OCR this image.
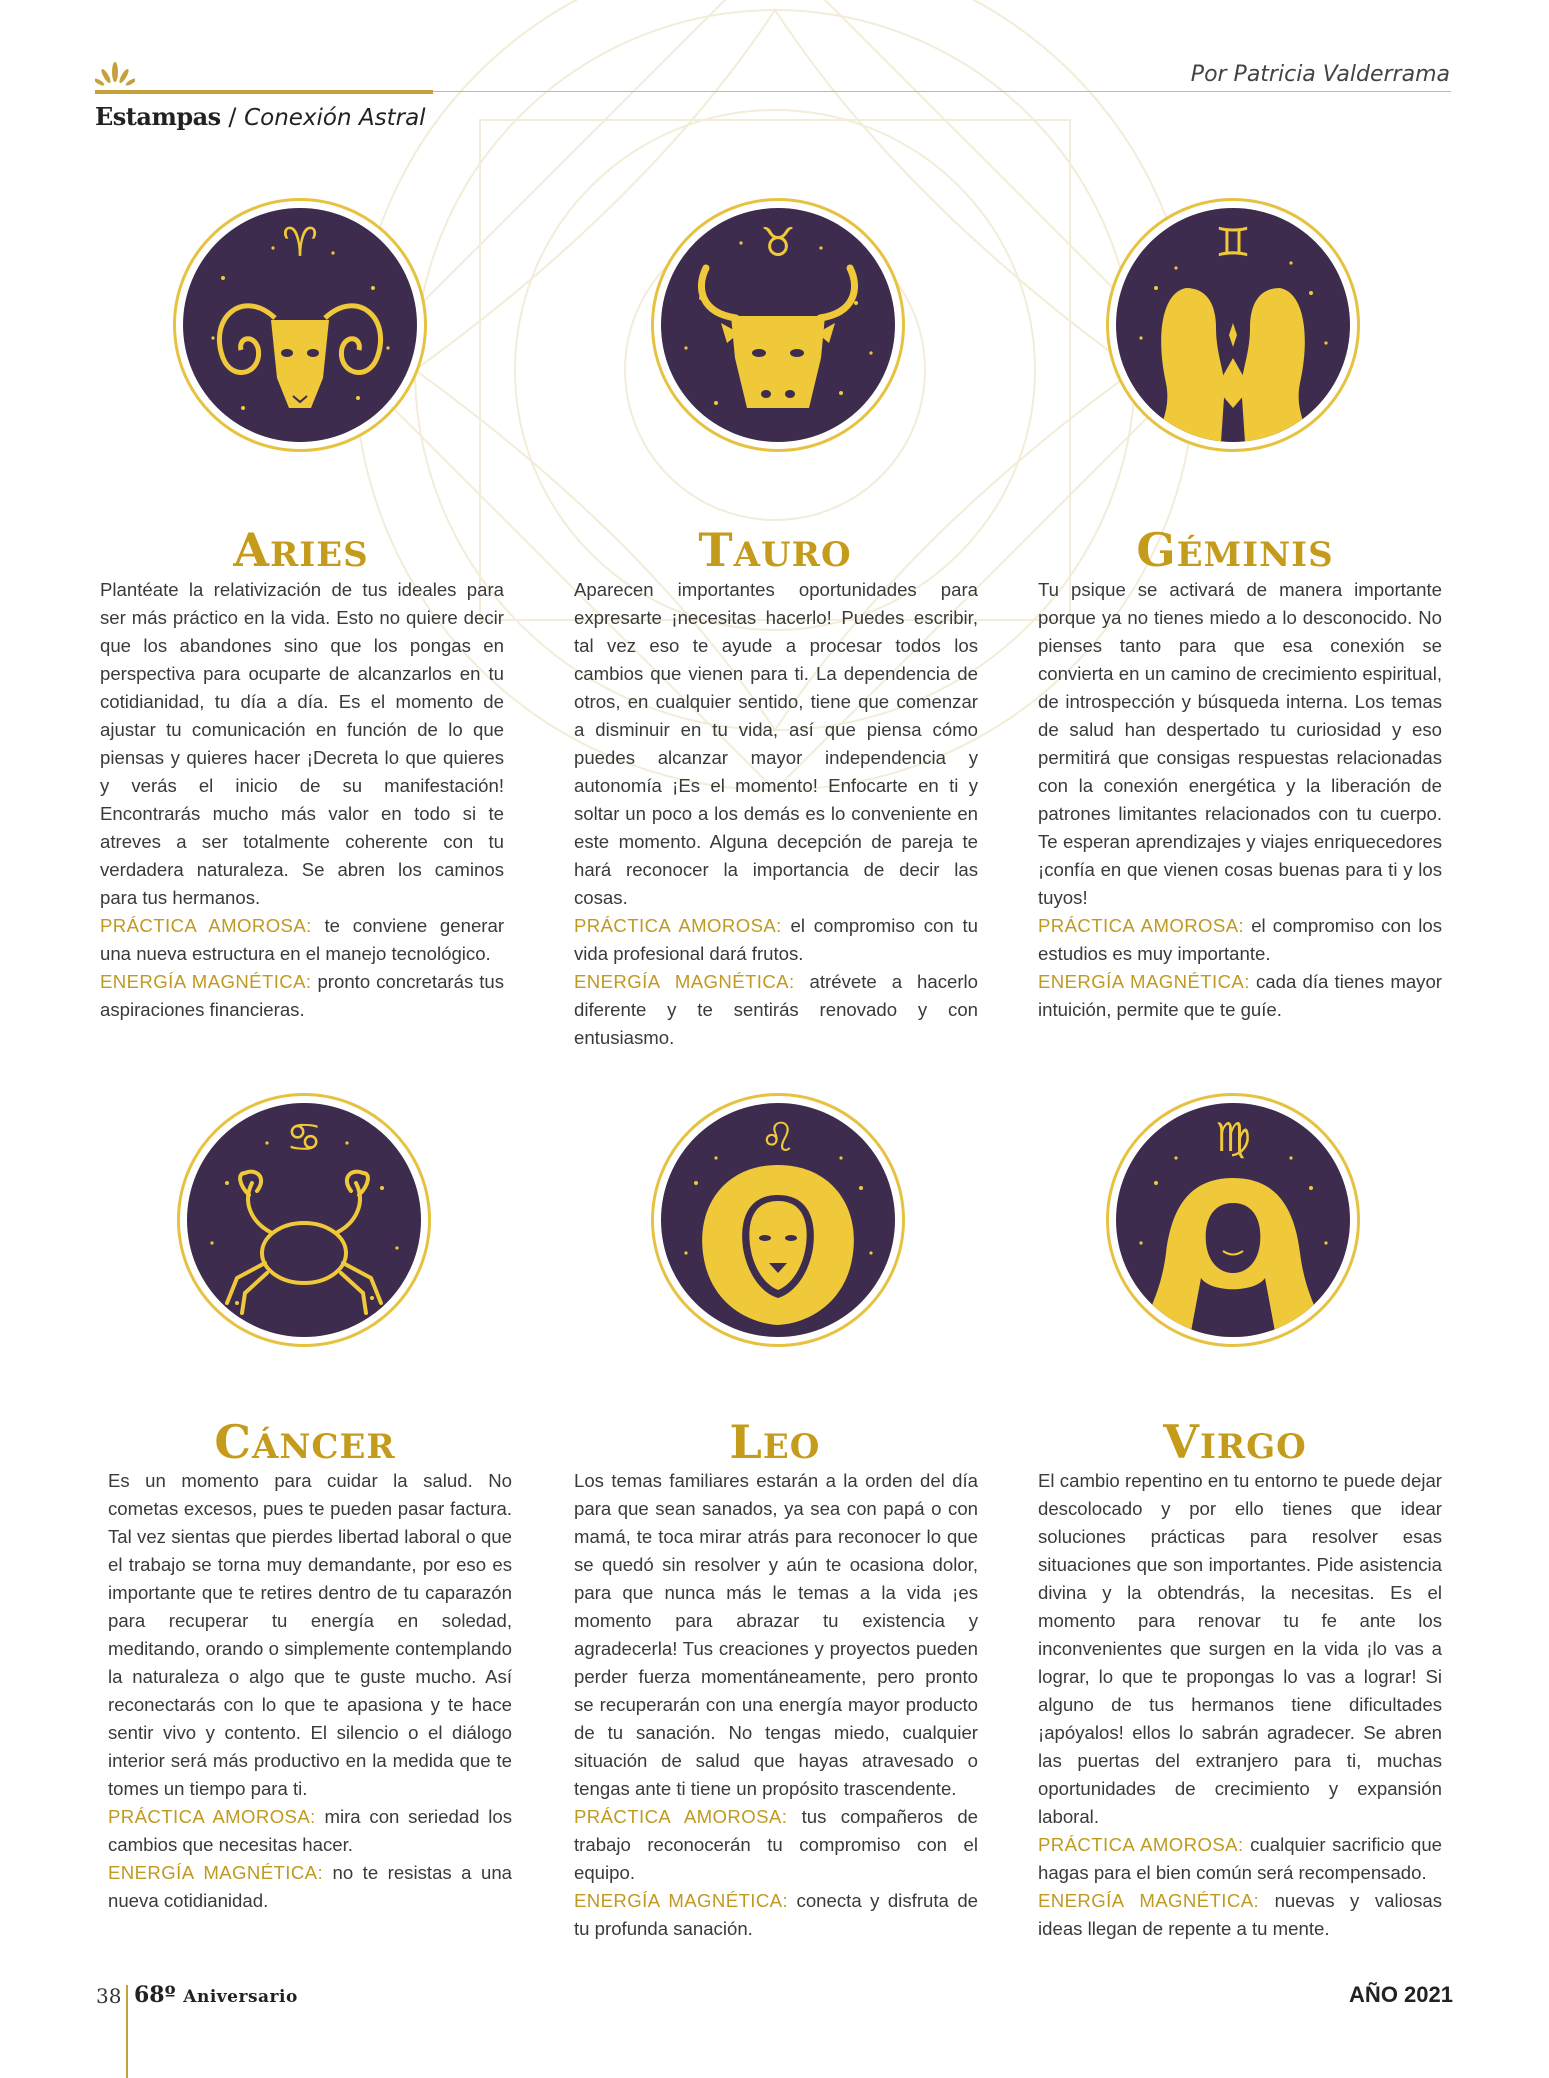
Por Patricia Valderrama
Estampas / Conexión Astral
♈
ARIES

Plantéate la relativización de tus ideales para ser más práctico en la vida. Esto no quiere decir que los abandones sino que los pongas en perspectiva para ocuparte de alcanzarlos en tu cotidianidad, tu día a día. Es el momento de ajustar tu comunicación en función de lo que piensas y quieres hacer ¡Decreta lo que quieres y verás el inicio de su manifestación! Encontrarás mucho más valor en todo si te atreves a ser totalmente coherente con tu verdadera naturaleza. Se abren los caminos para tus hermanos.

PRÁCTICA AMOROSA: te conviene generar una nueva estructura en el manejo tecnológico.

ENERGÍA MAGNÉTICA: pronto concretarás tus aspiraciones financieras.

♉
TAURO

Aparecen importantes oportunidades para expresarte ¡necesitas hacerlo! Puedes escribir, tal vez eso te ayude a procesar todos los cambios que vienen para ti. La dependencia de otros, en cualquier sentido, tiene que comenzar a disminuir en tu vida, así que piensa cómo puedes alcanzar mayor independencia y autonomía ¡Es el momento! Enfocarte en ti y soltar un poco a los demás es lo conveniente en este momento. Alguna decepción de pareja te hará reconocer la importancia de decir las cosas.

PRÁCTICA AMOROSA: el compromiso con tu vida profesional dará frutos.

ENERGÍA MAGNÉTICA: atrévete a hacerlo diferente y te sentirás renovado y con entusiasmo.

♊
GÉMINIS

Tu psique se activará de manera importante porque ya no tienes miedo a lo desconocido. No pienses tanto para que esa conexión se convierta en un camino de crecimiento espiritual, de introspección y búsqueda interna. Los temas de salud han despertado tu curiosidad y eso permitirá que consigas respuestas relacionadas con la conexión energética y la liberación de patrones limitantes relacionados con tu cuerpo. Te esperan aprendizajes y viajes enriquecedores ¡confía en que vienen cosas buenas para ti y los tuyos!

PRÁCTICA AMOROSA: el compromiso con los estudios es muy importante.

ENERGÍA MAGNÉTICA: cada día tienes mayor intuición, permite que te guíe.

♋
CÁNCER

Es un momento para cuidar la salud. No cometas excesos, pues te pueden pasar factura. Tal vez sientas que pierdes libertad laboral o que el trabajo se torna muy demandante, por eso es importante que te retires dentro de tu caparazón para recuperar tu energía en soledad, meditando, orando o simplemente contemplando la naturaleza o algo que te guste mucho. Así reconectarás con lo que te apasiona y te hace sentir vivo y contento. El silencio o el diálogo interior será más productivo en la medida que te tomes un tiempo para ti.

PRÁCTICA AMOROSA: mira con seriedad los cambios que necesitas hacer.

ENERGÍA MAGNÉTICA: no te resistas a una nueva cotidianidad.

♌
LEO

Los temas familiares estarán a la orden del día para que sean sanados, ya sea con papá o con mamá, te toca mirar atrás para reconocer lo que se quedó sin resolver y aún te ocasiona dolor, para que nunca más le temas a la vida ¡es momento para abrazar tu existencia y agradecerla! Tus creaciones y proyectos pueden perder fuerza momentáneamente, pero pronto se recuperarán con una energía mayor producto de tu sanación. No tengas miedo, cualquier situación de salud que hayas atravesado o tengas ante ti tiene un propósito trascendente.

PRÁCTICA AMOROSA: tus compañeros de trabajo reconocerán tu compromiso con el equipo.

ENERGÍA MAGNÉTICA: conecta y disfruta de tu profunda sanación.

♍
VIRGO

El cambio repentino en tu entorno te puede dejar descolocado y por ello tienes que idear soluciones prácticas para resolver esas situaciones que son importantes. Pide asistencia divina y la obtendrás, la necesitas. Es el momento para renovar tu fe ante los inconvenientes que surgen en la vida ¡lo vas a lograr, lo que te propongas lo vas a lograr! Si alguno de tus hermanos tiene dificultades ¡apóyalos! ellos lo sabrán agradecer. Se abren las puertas del extranjero para ti, muchas oportunidades de crecimiento y expansión laboral.

PRÁCTICA AMOROSA: cualquier sacrificio que hagas para el bien común será recompensado.

ENERGÍA MAGNÉTICA: nuevas y valiosas ideas llegan de repente a tu mente.

38 68º Aniversario	AÑO 2021
